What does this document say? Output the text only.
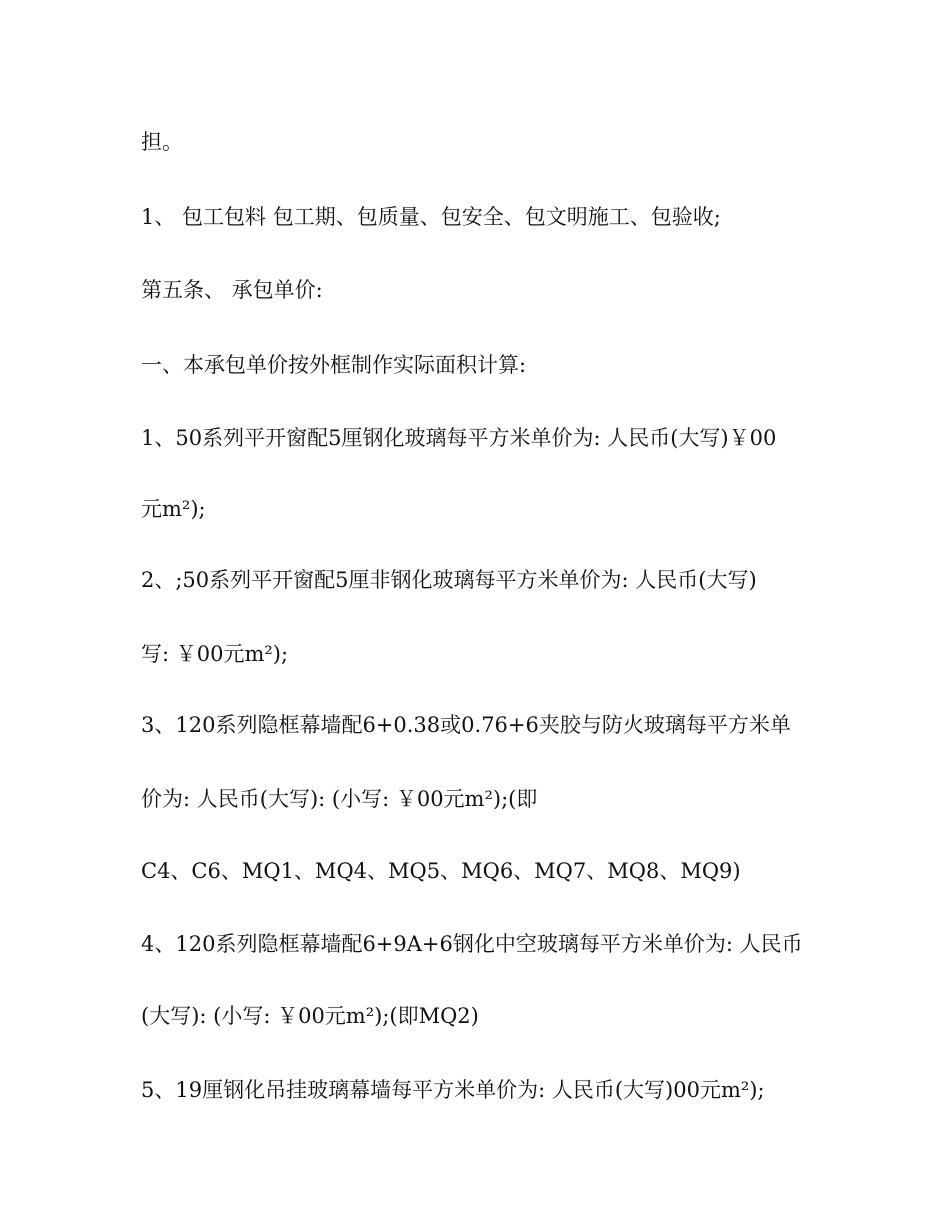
担。

1、 包工包料 包工期、包质量、包安全、包文明施工、包验收;

第五条、 承包单价:

一、本承包单价按外框制作实际面积计算:

1、50系列平开窗配5厘钢化玻璃每平方米单价为: 人民币(大写)￥00

元m²);

2、;50系列平开窗配5厘非钢化玻璃每平方米单价为: 人民币(大写)

写: ￥00元m²);

3、120系列隐框幕墙配6+0.38或0.76+6夹胶与防火玻璃每平方米单

价为: 人民币(大写): (小写: ￥00元m²);(即

C4、C6、MQ1、MQ4、MQ5、MQ6、MQ7、MQ8、MQ9)

4、120系列隐框幕墙配6+9A+6钢化中空玻璃每平方米单价为: 人民币

(大写): (小写: ￥00元m²);(即MQ2)

5、19厘钢化吊挂玻璃幕墙每平方米单价为: 人民币(大写)00元m²);
